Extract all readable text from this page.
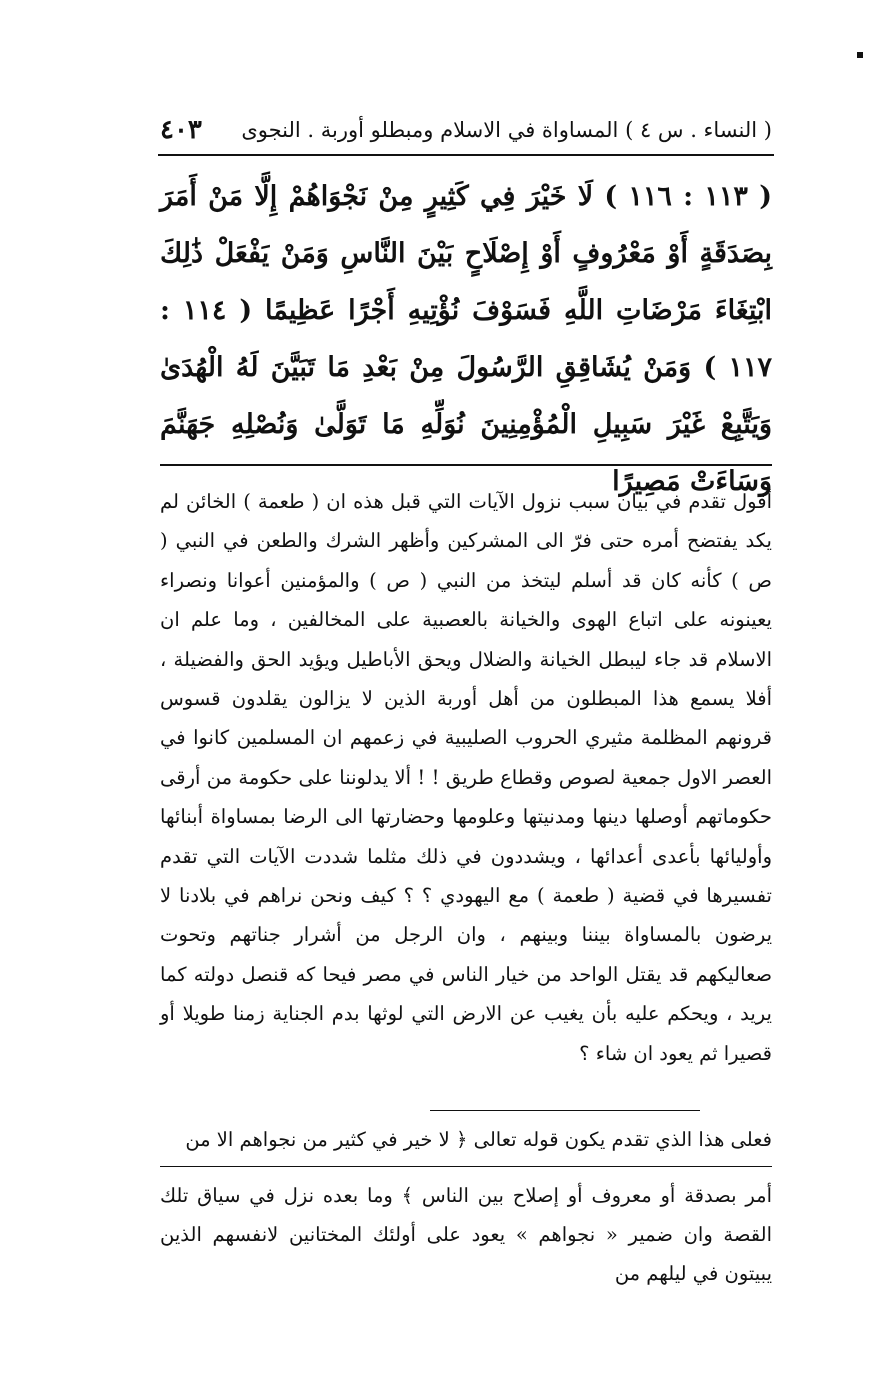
( النساء . س ٤ ) المساواة في الاسلام ومبطلو أوربة . النجوى
٤٠٣

( ١١٣ : ١١٦ ) لَا خَيْرَ فِي كَثِيرٍ مِنْ نَجْوَاهُمْ إِلَّا مَنْ أَمَرَ بِصَدَقَةٍ أَوْ مَعْرُوفٍ أَوْ إِصْلَاحٍ بَيْنَ النَّاسِ وَمَنْ يَفْعَلْ ذَٰلِكَ ابْتِغَاءَ مَرْضَاتِ اللَّهِ فَسَوْفَ نُؤْتِيهِ أَجْرًا عَظِيمًا ( ١١٤ : ١١٧ ) وَمَنْ يُشَاقِقِ الرَّسُولَ مِنْ بَعْدِ مَا تَبَيَّنَ لَهُ الْهُدَىٰ وَيَتَّبِعْ غَيْرَ سَبِيلِ الْمُؤْمِنِينَ نُوَلِّهِ مَا تَوَلَّىٰ وَنُصْلِهِ جَهَنَّمَ وَسَاءَتْ مَصِيرًا

أقول تقدم في بيان سبب نزول الآيات التي قبل هذه ان ( طعمة ) الخائن لم يكد يفتضح أمره حتى فرّ الى المشركين وأظهر الشرك والطعن في النبي ( ص ) كأنه كان قد أسلم ليتخذ من النبي ( ص ) والمؤمنين أعوانا ونصراء يعينونه على اتباع الهوى والخيانة بالعصبية على المخالفين ، وما علم ان الاسلام قد جاء ليبطل الخيانة والضلال ويحق الأباطيل ويؤيد الحق والفضيلة ، أفلا يسمع هذا المبطلون من أهل أوربة الذين لا يزالون يقلدون قسوس قرونهم المظلمة مثيري الحروب الصليبية في زعمهم ان المسلمين كانوا في العصر الاول جمعية لصوص وقطاع طريق ! ! ألا يدلوننا على حكومة من أرقى حكوماتهم أوصلها دينها ومدنيتها وعلومها وحضارتها الى الرضا بمساواة أبنائها وأوليائها بأعدى أعدائها ، ويشددون في ذلك مثلما شددت الآيات التي تقدم تفسيرها في قضية ( طعمة ) مع اليهودي ؟ ؟ كيف ونحن نراهم في بلادنا لا يرضون بالمساواة بيننا وبينهم ، وان الرجل من أشرار جناتهم وتحوت صعاليكهم قد يقتل الواحد من خيار الناس في مصر فيحا كه قنصل دولته كما يريد ، ويحكم عليه بأن يغيب عن الارض التي لوثها بدم الجناية زمنا طويلا أو قصيرا ثم يعود ان شاء ؟

فعلى هذا الذي تقدم يكون قوله تعالى ﴿ لا خير في كثير من نجواهم الا من

أمر بصدقة أو معروف أو إصلاح بين الناس ﴾ وما بعده نزل في سياق تلك القصة وان ضمير « نجواهم » يعود على أولئك المختانين لانفسهم الذين يبيتون في ليلهم من
